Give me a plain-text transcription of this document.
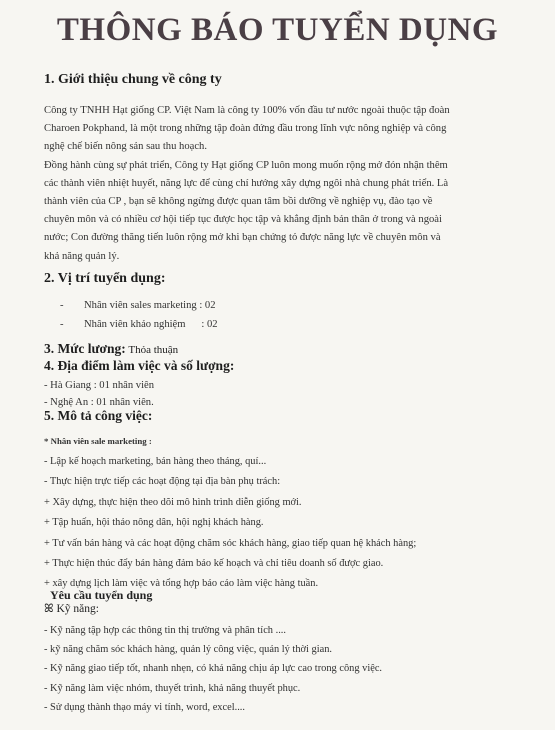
THÔNG BÁO TUYỂN DỤNG
1. Giới thiệu chung về công ty
Công ty TNHH Hạt giống CP. Việt Nam là công ty 100% vốn đầu tư nước ngoài thuộc tập đoàn
Charoen Pokphand, là một trong những tập đoàn đứng đầu trong lĩnh vực nông nghiệp và công
nghệ chế biến nông sản sau thu hoạch.
Đồng hành cùng sự phát triển, Công ty Hạt giống CP luôn mong muốn rộng mở đón nhận thêm
các thành viên nhiệt huyết, năng lực để cùng chí hướng xây dựng ngôi nhà chung phát triển. Là
thành viên của CP , bạn sẽ không ngừng được quan tâm bồi dưỡng về nghiệp vụ, đào tạo về
chuyên môn và có nhiều cơ hội tiếp tục được học tập và khẳng định bản thân ở trong và ngoài
nước; Con đường thăng tiến luôn rộng mở khi bạn chứng tỏ được năng lực về chuyên môn và
khả năng quản lý.
2. Vị trí tuyển dụng:
- Nhân viên sales marketing : 02
- Nhân viên khảo nghiệm      : 02
3. Mức lương: Thỏa thuận
4. Địa điểm làm việc và số lượng:
- Hà Giang : 01 nhân viên
- Nghệ An : 01 nhân viên.
5. Mô tả công việc:
* Nhân viên sale marketing :
- Lập kế hoạch marketing, bán hàng theo tháng, quí...
- Thực hiện trực tiếp các hoạt động tại địa bàn phụ trách:
+ Xây dựng, thực hiện theo dõi mô hình trình diễn giống mới.
+ Tập huấn, hội thảo nông dân, hội nghị khách hàng.
+ Tư vấn bán hàng và các hoạt động chăm sóc khách hàng, giao tiếp quan hệ khách hàng;
+ Thực hiện thúc đẩy bán hàng đảm bảo kế hoạch và chỉ tiêu doanh số được giao.
+ xây dựng lịch làm việc và tổng hợp báo cáo làm việc hàng tuần.
Yêu cầu tuyển dụng
ꕤ Kỹ năng:
- Kỹ năng tập hợp các thông tin thị trường và phân tích ....
- kỹ năng chăm sóc khách hàng, quản lý công việc, quản lý thời gian.
- Kỹ năng giao tiếp tốt, nhanh nhẹn, có khả năng chịu áp lực cao trong công việc.
- Kỹ năng làm việc nhóm, thuyết trình, khả năng thuyết phục.
- Sử dụng thành thạo máy vi tính, word, excel....
